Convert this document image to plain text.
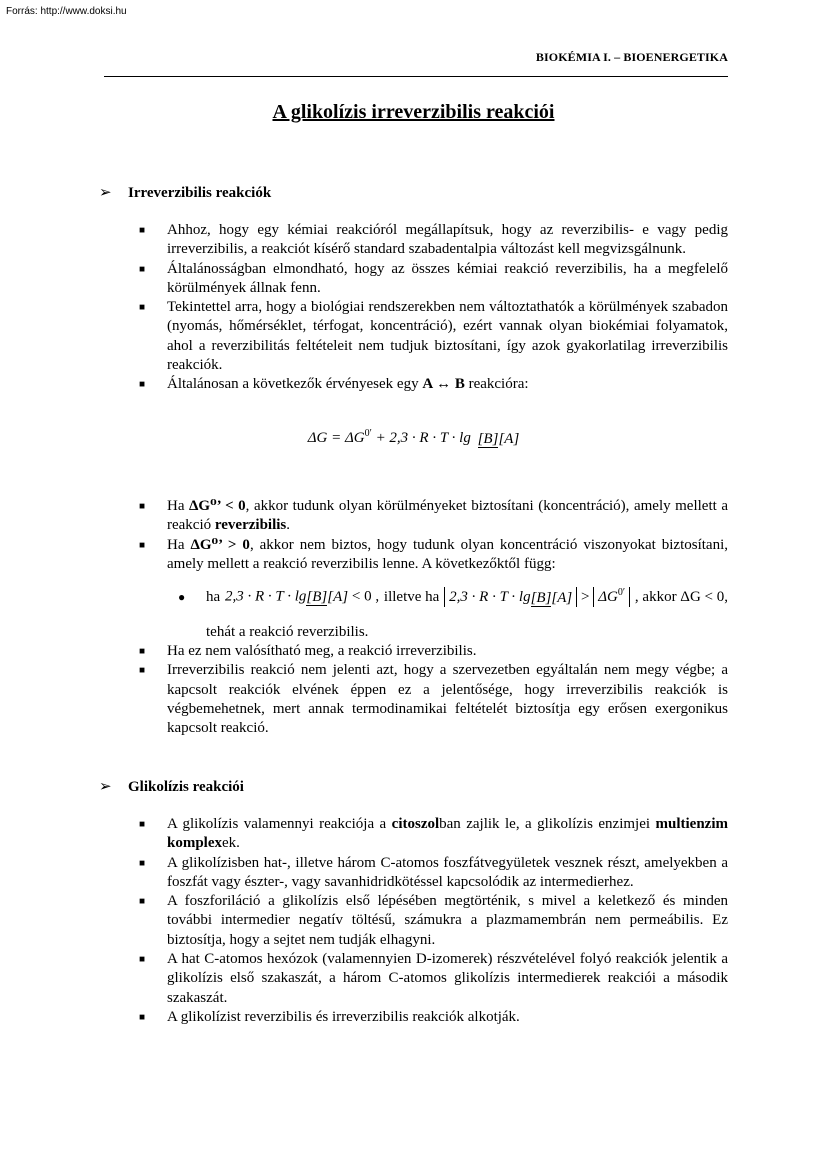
Forrás: http://www.doksi.hu
BIOKÉMIA I. – BIOENERGETIKA
A glikolízis irreverzibilis reakciói
➢ Irreverzibilis reakciók
■ Ahhoz, hogy egy kémiai reakcióról megállapítsuk, hogy az reverzibilis- e vagy pedig irreverzibilis, a reakciót kísérő standard szabadentalpia változást kell megvizsgálnunk.
■ Általánosságban elmondható, hogy az összes kémiai reakció reverzibilis, ha a megfelelő körülmények állnak fenn.
■ Tekintettel arra, hogy a biológiai rendszerekben nem változtathatók a körülmények szabadon (nyomás, hőmérséklet, térfogat, koncentráció), ezért vannak olyan biokémiai folyamatok, ahol a reverzibilitás feltételeit nem tudjuk biztosítani, így azok gyakorlatilag irreverzibilis reakciók.
■ Általánosan a következők érvényesek egy A ↔ B reakcióra:
$\Delta G = \Delta G^{0'} + 2,3 \cdot R \cdot T \cdot \lg [B][A]$
■ Ha ΔG⁰’ < 0, akkor tudunk olyan körülményeket biztosítani (koncentráció), amely mellett a reakció reverzibilis.
■ Ha ΔG⁰’ > 0, akkor nem biztos, hogy tudunk olyan koncentráció viszonyokat biztosítani, amely mellett a reakció reverzibilis lenne. A következőktől függ:
● ha 2,3 · R · T · lg[B][A] < 0 , illetve ha $2,3 \cdot R \cdot T \cdot \lg[B][A] > \Delta G^{0'}$ , akkor ΔG < 0,
tehát a reakció reverzibilis.
■ Ha ez nem valósítható meg, a reakció irreverzibilis.
■ Irreverzibilis reakció nem jelenti azt, hogy a szervezetben egyáltalán nem megy végbe; a kapcsolt reakciók elvének éppen ez a jelentősége, hogy irreverzibilis reakciók is végbemehetnek, mert annak termodinamikai feltételét biztosítja egy erősen exergonikus kapcsolt reakció.
➢ Glikolízis reakciói
■ A glikolízis valamennyi reakciója a citoszolban zajlik le, a glikolízis enzimjei multienzim komplexek.
■ A glikolízisben hat-, illetve három C-atomos foszfátvegyületek vesznek részt, amelyekben a foszfát vagy észter-, vagy savanhidridkötéssel kapcsolódik az intermedierhez.
■ A foszforiláció a glikolízis első lépésében megtörténik, s mivel a keletkező és minden további intermedier negatív töltésű, számukra a plazmamembrán nem permeábilis. Ez biztosítja, hogy a sejtet nem tudják elhagyni.
■ A hat C-atomos hexózok (valamennyien D-izomerek) részvételével folyó reakciók jelentik a glikolízis első szakaszát, a három C-atomos glikolízis intermedierek reakciói a második szakaszát.
■ A glikolízist reverzibilis és irreverzibilis reakciók alkotják.
